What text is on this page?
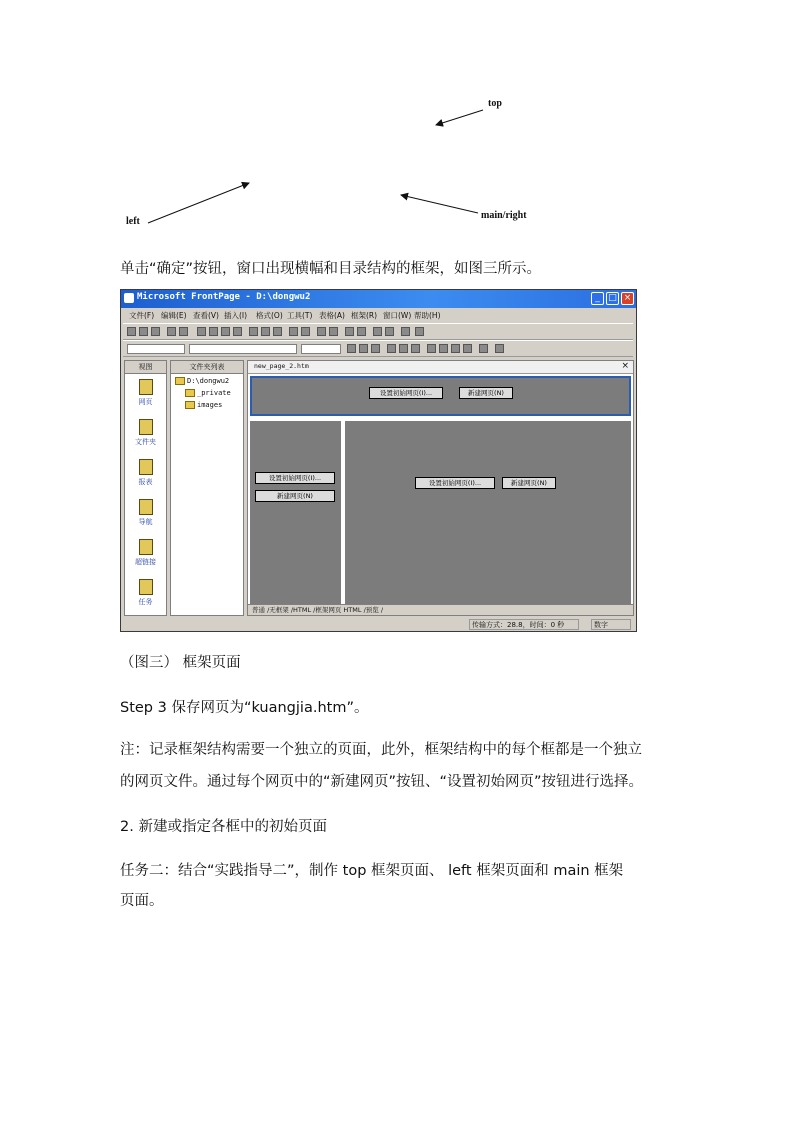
top
left
main/right
单击“确定”按钮，窗口出现横幅和目录结构的框架，如图三所示。
Microsoft FrontPage - D:\dongwu2	_ □ ×
文件(F) 编辑(E) 查看(V) 插入(I) 格式(O) 工具(T) 表格(A) 框架(R) 窗口(W) 帮助(H)
视图
网页
文件夹
报表
导航
超链接
任务
文件夹列表
D:\dongwu2
_private
images
new_page_2.htm	×
设置初始网页(I)...	新建网页(N)
设置初始网页(I)...
新建网页(N)
设置初始网页(I)...	新建网页(N)
普通 /无框架 /HTML /框架网页 HTML /预览 /
传输方式：28.8，时间：0 秒	数字
（图三） 框架页面
Step 3 保存网页为“kuangjia.htm”。
注：记录框架结构需要一个独立的页面，此外，框架结构中的每个框都是一个独立
的网页文件。通过每个网页中的“新建网页”按钮、“设置初始网页”按钮进行选择。
2. 新建或指定各框中的初始页面
任务二：结合“实践指导二”，制作 top 框架页面、 left 框架页面和 main 框架
页面。
